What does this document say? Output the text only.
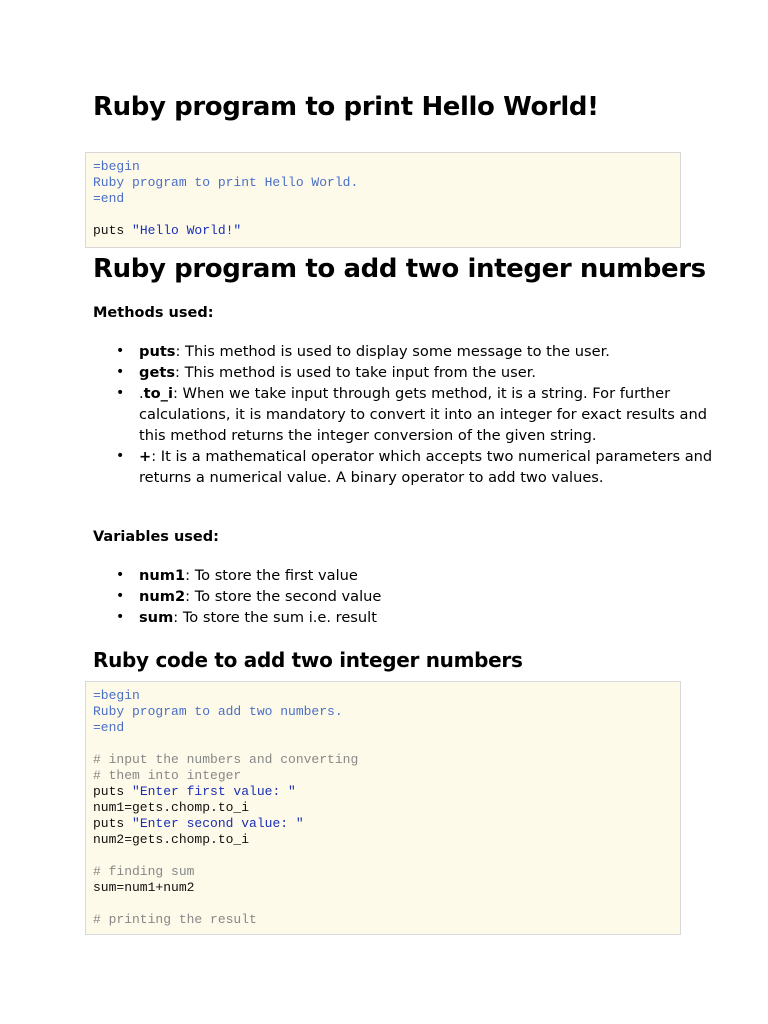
Ruby program to print Hello World!
=begin
Ruby program to print Hello World.
=end
puts "Hello World!"
Ruby program to add two integer numbers
Methods used:
• puts: This method is used to display some message to the user.
• gets: This method is used to take input from the user.
• .to_i: When we take input through gets method, it is a string. For further calculations, it is mandatory to convert it into an integer for exact results and this method returns the integer conversion of the given string.
• +: It is a mathematical operator which accepts two numerical parameters and returns a numerical value. A binary operator to add two values.
Variables used:
• num1: To store the first value
• num2: To store the second value
• sum: To store the sum i.e. result
Ruby code to add two integer numbers
=begin
Ruby program to add two numbers.
=end
# input the numbers and converting
# them into integer
puts "Enter first value: "
num1=gets.chomp.to_i
puts "Enter second value: "
num2=gets.chomp.to_i
# finding sum
sum=num1+num2
# printing the result
